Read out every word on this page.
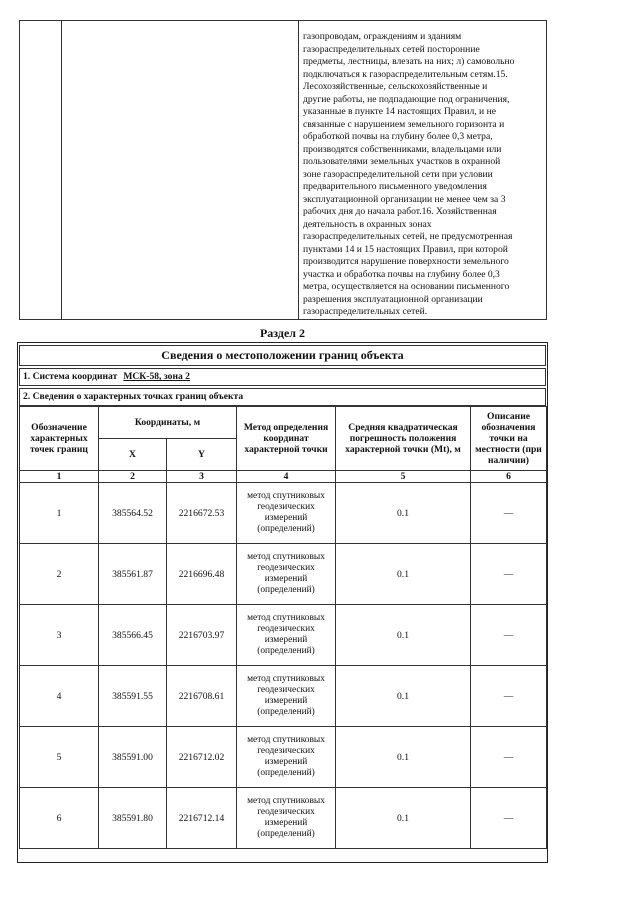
газопроводам, ограждениям и зданиям
газораспределительных сетей посторонние
предметы, лестницы, влезать на них; л) самовольно
подключаться к газораспределительным сетям.15.
Лесохозяйственные, сельскохозяйственные и
другие работы, не подпадающие под ограничения,
указанные в пункте 14 настоящих Правил, и не
связанные с нарушением земельного горизонта и
обработкой почвы на глубину более 0,3 метра,
производятся собственниками, владельцами или
пользователями земельных участков в охранной
зоне газораспределительной сети при условии
предварительного письменного уведомления
эксплуатационной организации не менее чем за 3
рабочих дня до начала работ.16. Хозяйственная
деятельность в охранных зонах
газораспределительных сетей, не предусмотренная
пунктами 14 и 15 настоящих Правил, при которой
производится нарушение поверхности земельного
участка и обработка почвы на глубину более 0,3
метра, осуществляется на основании письменного
разрешения эксплуатационной организации
газораспределительных сетей.
Раздел 2
Сведения о местоположении границ объекта
1. Система координат МСК-58, зона 2
2. Сведения о характерных точках границ объекта
Обозначение характерных точек границ	Координаты, м		Метод определения координат характерной точки	Средняя квадратическая погрешность положения характерной точки (Mt), м	Описание обозначения точки на местности (при наличии)
	X	Y			
1	2	3	4	5	6
1	385564.52	2216672.53	метод спутниковых геодезических измерений (определений)	0.1	—
2	385561.87	2216696.48	метод спутниковых геодезических измерений (определений)	0.1	—
3	385566.45	2216703.97	метод спутниковых геодезических измерений (определений)	0.1	—
4	385591.55	2216708.61	метод спутниковых геодезических измерений (определений)	0.1	—
5	385591.00	2216712.02	метод спутниковых геодезических измерений (определений)	0.1	—
6	385591.80	2216712.14	метод спутниковых геодезических измерений (определений)	0.1	—
